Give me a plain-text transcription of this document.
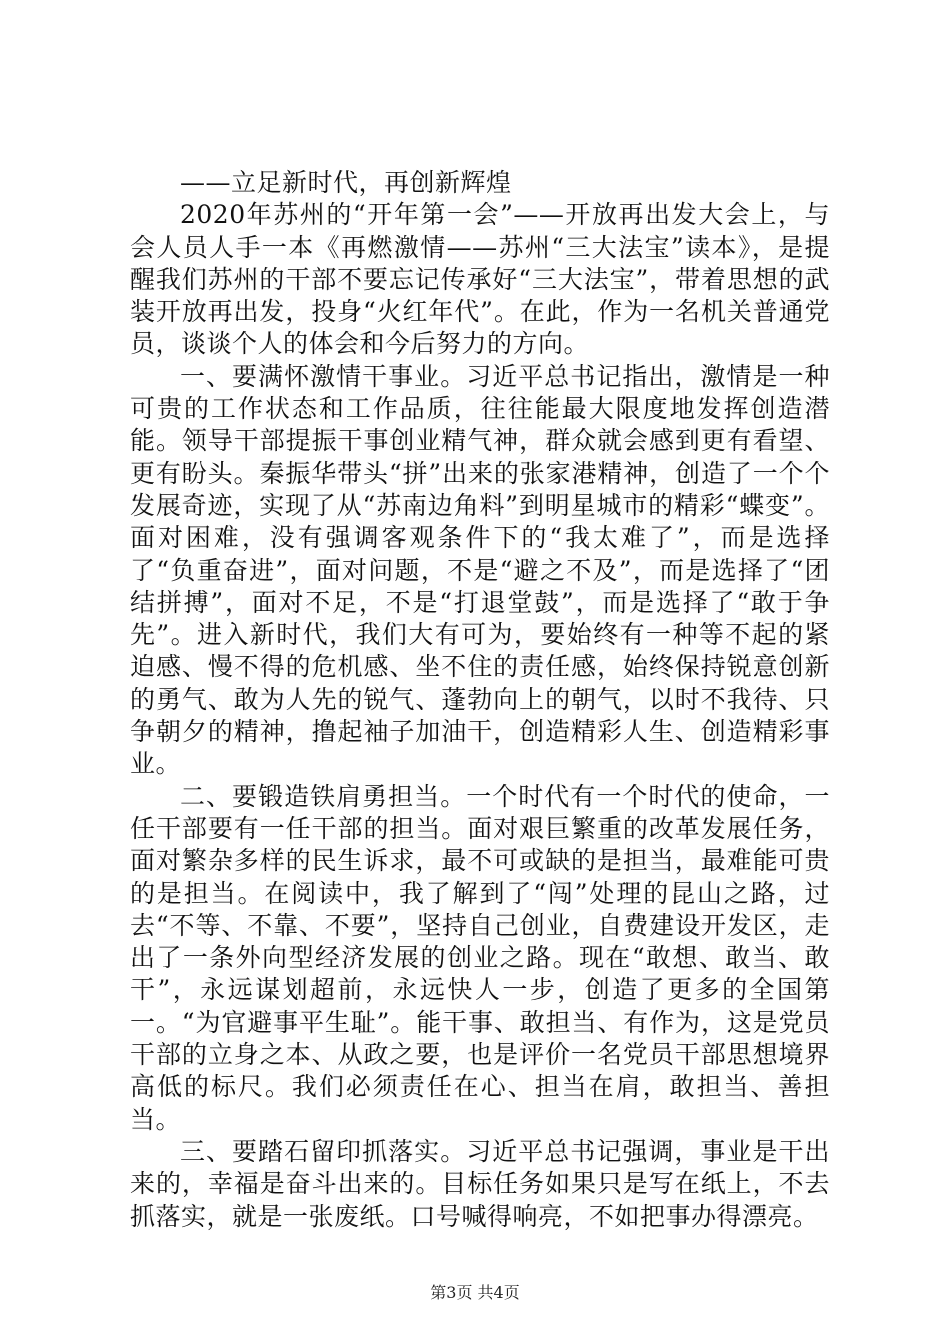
——立足新时代，再创新辉煌

2020年苏州的“开年第一会”——开放再出发大会上，与会人员人手一本《再燃激情——苏州“三大法宝”读本》，是提醒我们苏州的干部不要忘记传承好“三大法宝”，带着思想的武装开放再出发，投身“火红年代”。在此，作为一名机关普通党员，谈谈个人的体会和今后努力的方向。

一、要满怀激情干事业。习近平总书记指出，激情是一种可贵的工作状态和工作品质，往往能最大限度地发挥创造潜能。领导干部提振干事创业精气神，群众就会感到更有看望、更有盼头。秦振华带头“拼”出来的张家港精神，创造了一个个发展奇迹，实现了从“苏南边角料”到明星城市的精彩“蝶变”。面对困难，没有强调客观条件下的“我太难了”，而是选择了“负重奋进”，面对问题，不是“避之不及”，而是选择了“团结拼搏”，面对不足，不是“打退堂鼓”，而是选择了“敢于争先”。进入新时代，我们大有可为，要始终有一种等不起的紧迫感、慢不得的危机感、坐不住的责任感，始终保持锐意创新的勇气、敢为人先的锐气、蓬勃向上的朝气，以时不我待、只争朝夕的精神，撸起袖子加油干，创造精彩人生、创造精彩事业。

二、要锻造铁肩勇担当。一个时代有一个时代的使命，一任干部要有一任干部的担当。面对艰巨繁重的改革发展任务，面对繁杂多样的民生诉求，最不可或缺的是担当，最难能可贵的是担当。在阅读中，我了解到了“闯”处理的昆山之路，过去“不等、不靠、不要”，坚持自己创业，自费建设开发区，走出了一条外向型经济发展的创业之路。现在“敢想、敢当、敢干”，永远谋划超前，永远快人一步，创造了更多的全国第一。“为官避事平生耻”。能干事、敢担当、有作为，这是党员干部的立身之本、从政之要，也是评价一名党员干部思想境界高低的标尺。我们必须责任在心、担当在肩，敢担当、善担当。

三、要踏石留印抓落实。习近平总书记强调，事业是干出来的，幸福是奋斗出来的。目标任务如果只是写在纸上，不去抓落实，就是一张废纸。口号喊得响亮，不如把事办得漂亮。

第3页 共4页
